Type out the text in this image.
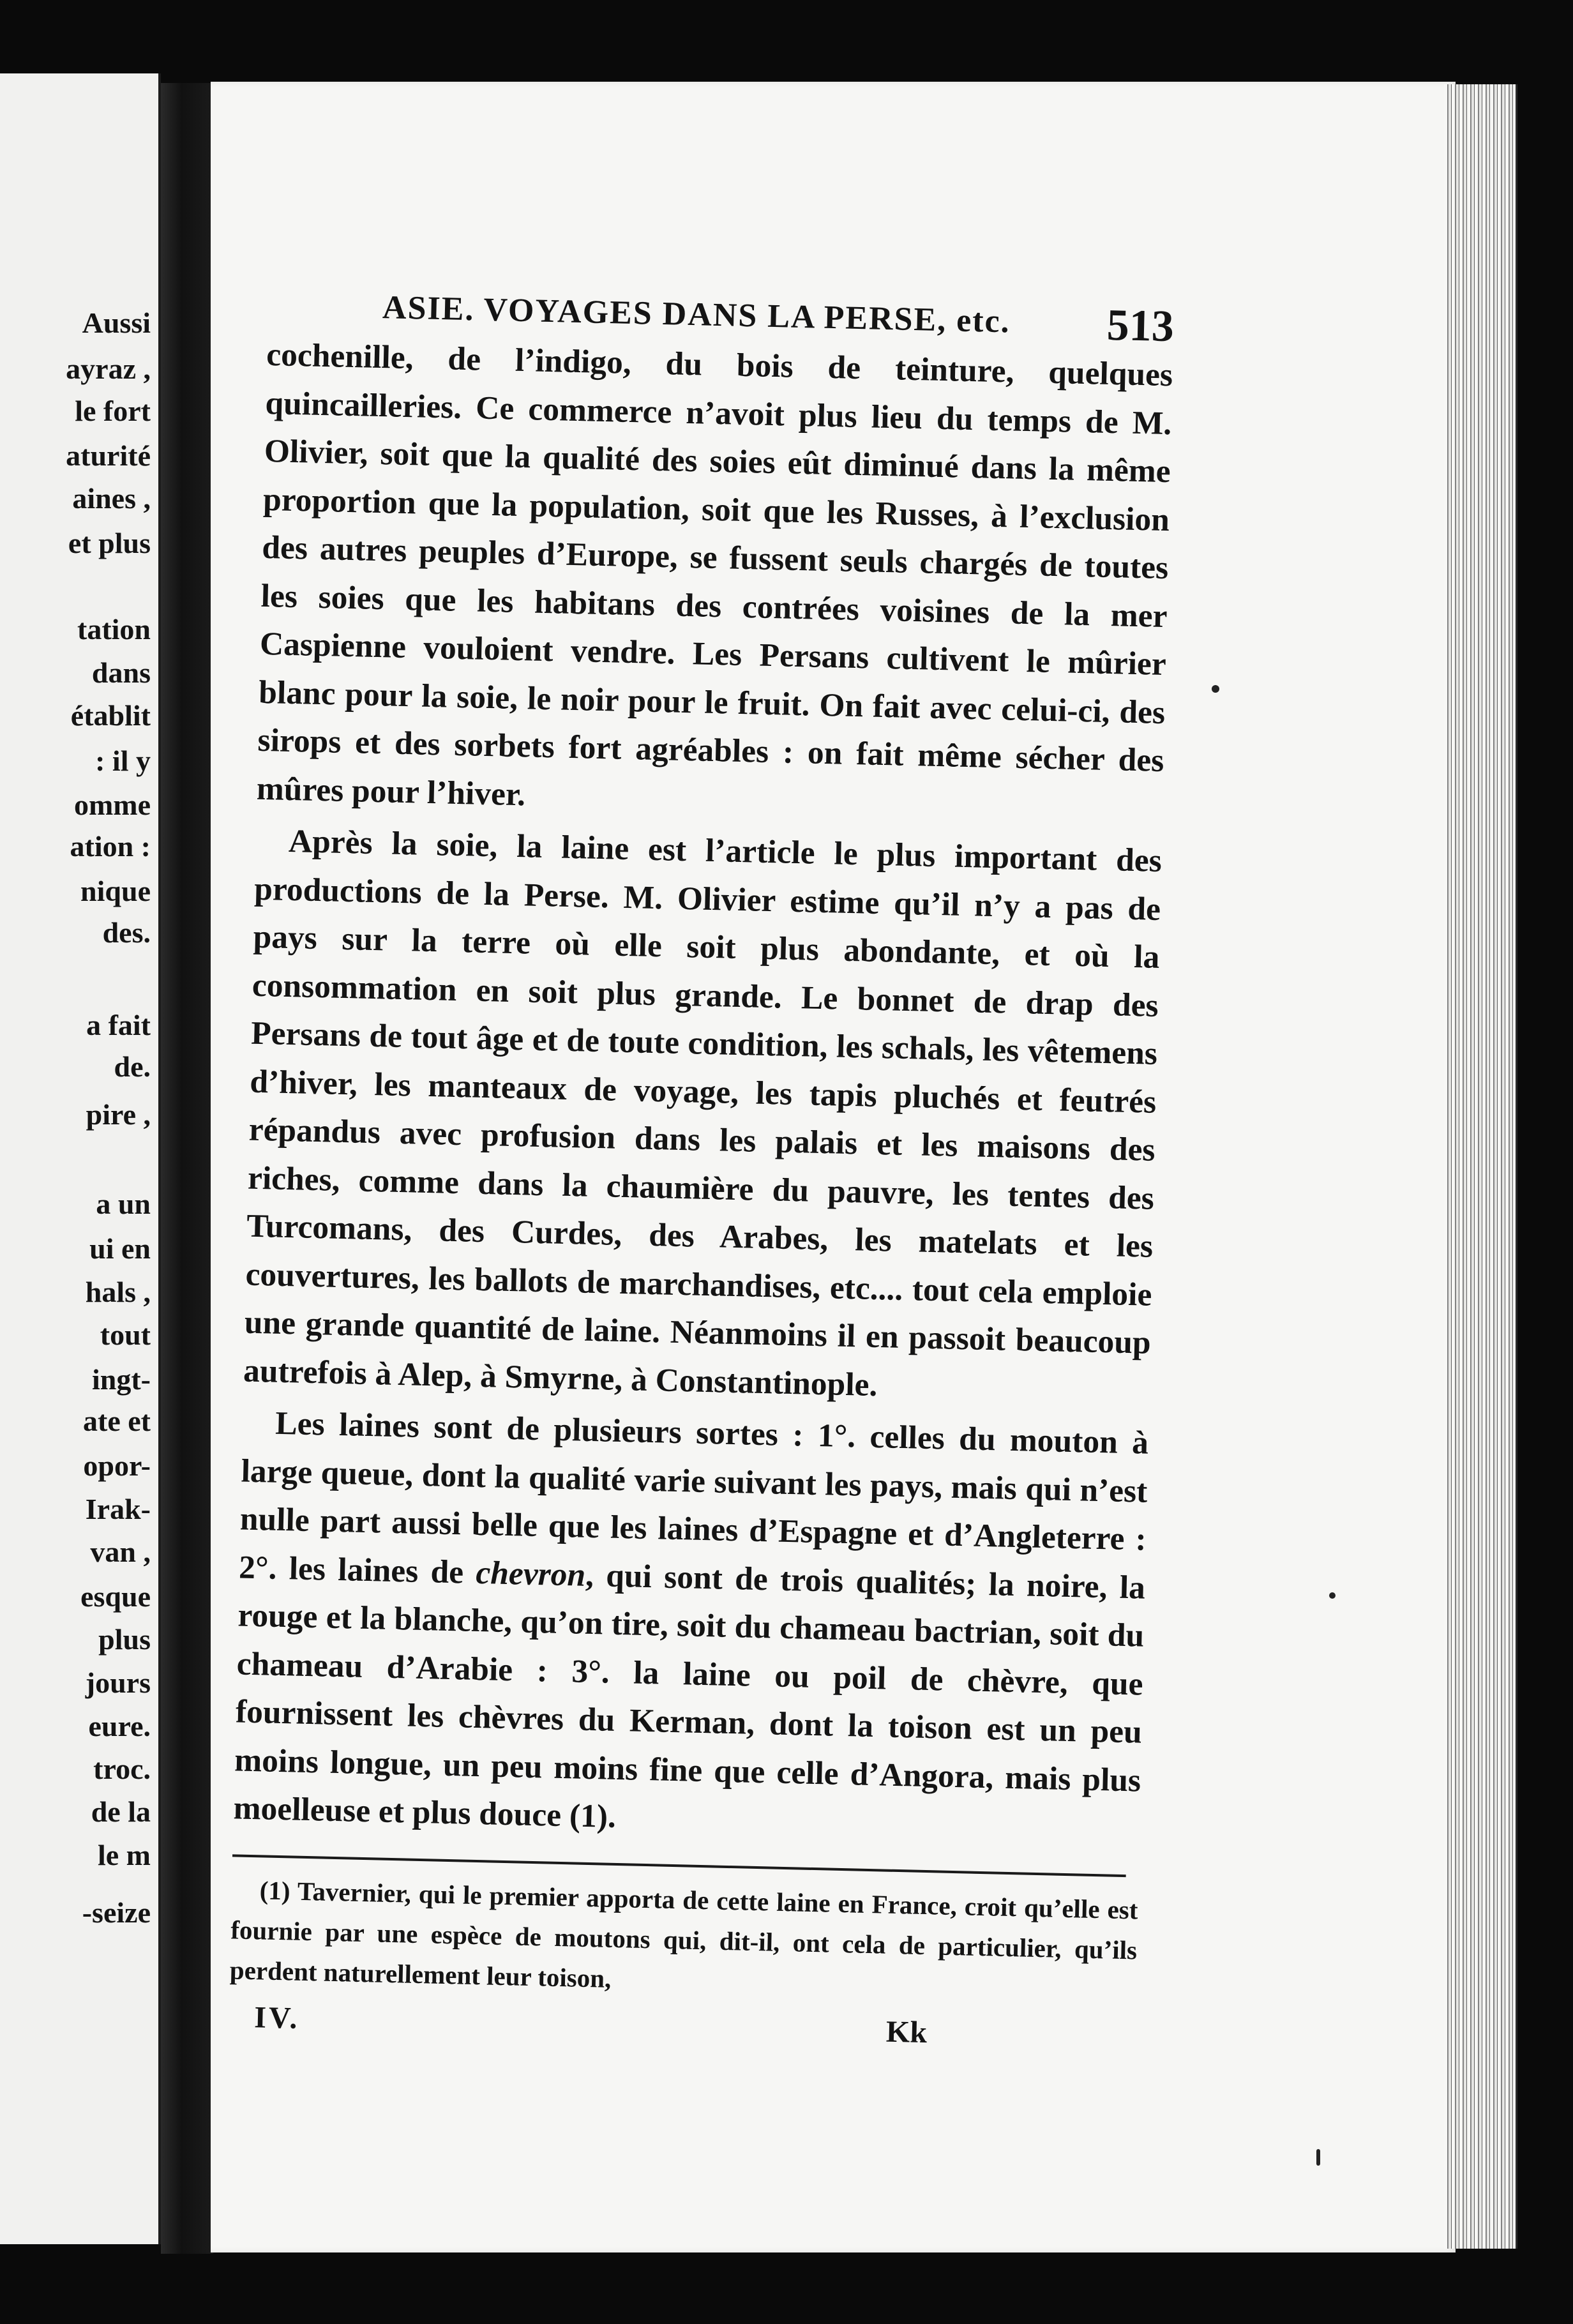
Aussi
ayraz ,
le fort
aturité
aines ,
et plus
tation
dans
établit
: il y
omme
ation :
nique
des.
a fait
de.
pire ,
a un
ui en
hals ,
tout
ingt-
ate et
opor-
Irak-
van ,
esque
plus
jours
eure.
troc.
de la
le m
-seize
ASIE. VOYAGES DANS LA PERSE, etc. 513

cochenille, de l’indigo, du bois de teinture, quelques quincailleries. Ce commerce n’avoit plus lieu du temps de M. Olivier, soit que la qualité des soies eût diminué dans la même proportion que la population, soit que les Russes, à l’exclusion des autres peuples d’Europe, se fussent seuls chargés de toutes les soies que les habitans des contrées voisines de la mer Caspienne vouloient vendre. Les Persans cultivent le mûrier blanc pour la soie, le noir pour le fruit. On fait avec celui-ci, des sirops et des sorbets fort agréables : on fait même sécher des mûres pour l’hiver.

Après la soie, la laine est l’article le plus important des productions de la Perse. M. Olivier estime qu’il n’y a pas de pays sur la terre où elle soit plus abondante, et où la consommation en soit plus grande. Le bonnet de drap des Persans de tout âge et de toute condition, les schals, les vêtemens d’hiver, les manteaux de voyage, les tapis pluchés et feutrés répandus avec profusion dans les palais et les maisons des riches, comme dans la chaumière du pauvre, les tentes des Turcomans, des Curdes, des Arabes, les matelats et les couvertures, les ballots de marchandises, etc.... tout cela emploie une grande quantité de laine. Néanmoins il en passoit beaucoup autrefois à Alep, à Smyrne, à Constantinople.

Les laines sont de plusieurs sortes : 1°. celles du mouton à large queue, dont la qualité varie suivant les pays, mais qui n’est nulle part aussi belle que les laines d’Espagne et d’Angleterre : 2°. les laines de chevron, qui sont de trois qualités; la noire, la rouge et la blanche, qu’on tire, soit du chameau bactrian, soit du chameau d’Arabie : 3°. la laine ou poil de chèvre, que fournissent les chèvres du Kerman, dont la toison est un peu moins longue, un peu moins fine que celle d’Angora, mais plus moelleuse et plus douce (1).

(1) Tavernier, qui le premier apporta de cette laine en France, croit qu’elle est fournie par une espèce de moutons qui, dit-il, ont cela de particulier, qu’ils perdent naturellement leur toison,

IV.	Kk
